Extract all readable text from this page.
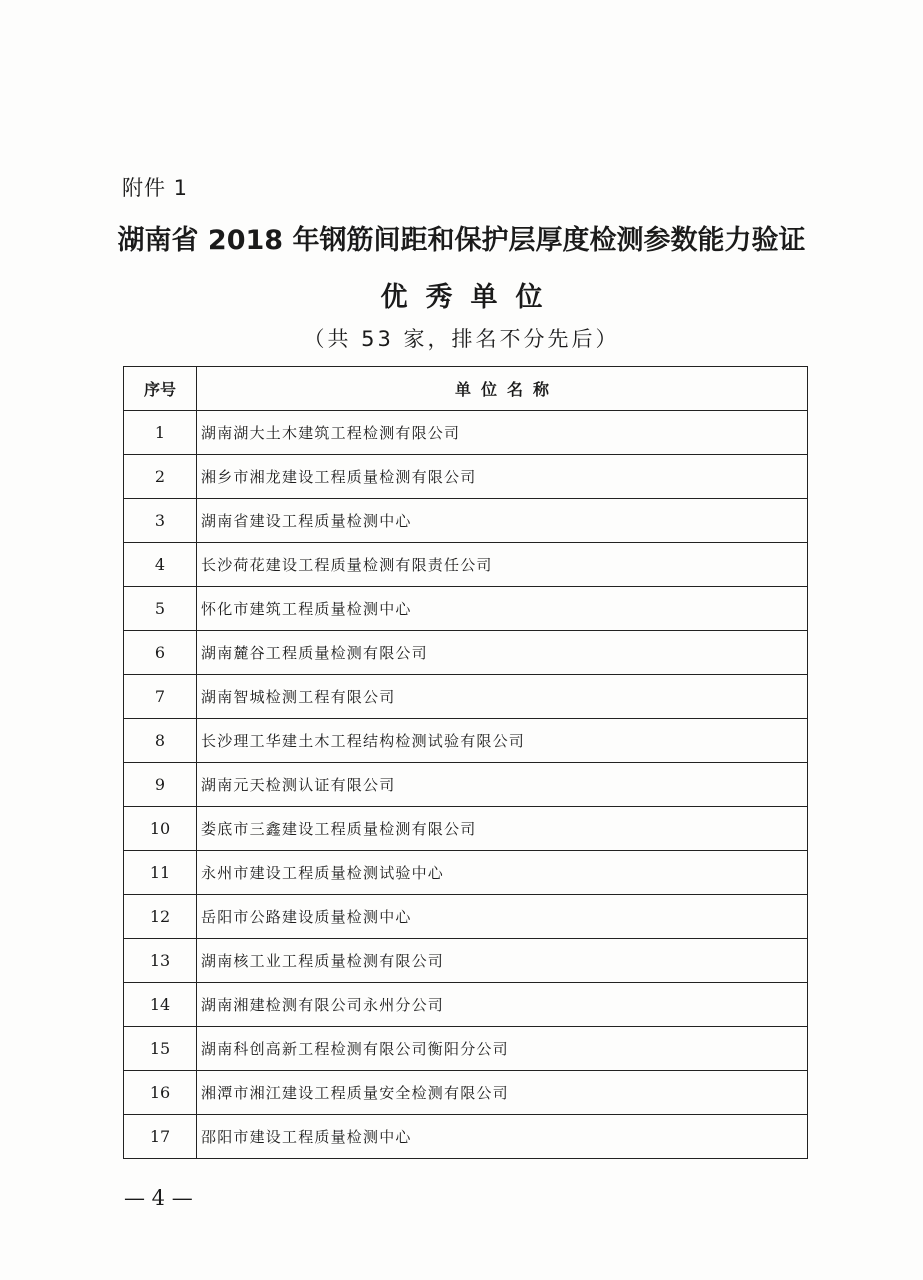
附件 1
湖南省 2018 年钢筋间距和保护层厚度检测参数能力验证
优秀单位
（共 53 家，排名不分先后）
序号	单位名称
1	湖南湖大土木建筑工程检测有限公司
2	湘乡市湘龙建设工程质量检测有限公司
3	湖南省建设工程质量检测中心
4	长沙荷花建设工程质量检测有限责任公司
5	怀化市建筑工程质量检测中心
6	湖南麓谷工程质量检测有限公司
7	湖南智城检测工程有限公司
8	长沙理工华建土木工程结构检测试验有限公司
9	湖南元天检测认证有限公司
10	娄底市三鑫建设工程质量检测有限公司
11	永州市建设工程质量检测试验中心
12	岳阳市公路建设质量检测中心
13	湖南核工业工程质量检测有限公司
14	湖南湘建检测有限公司永州分公司
15	湖南科创高新工程检测有限公司衡阳分公司
16	湘潭市湘江建设工程质量安全检测有限公司
17	邵阳市建设工程质量检测中心
— 4 —
